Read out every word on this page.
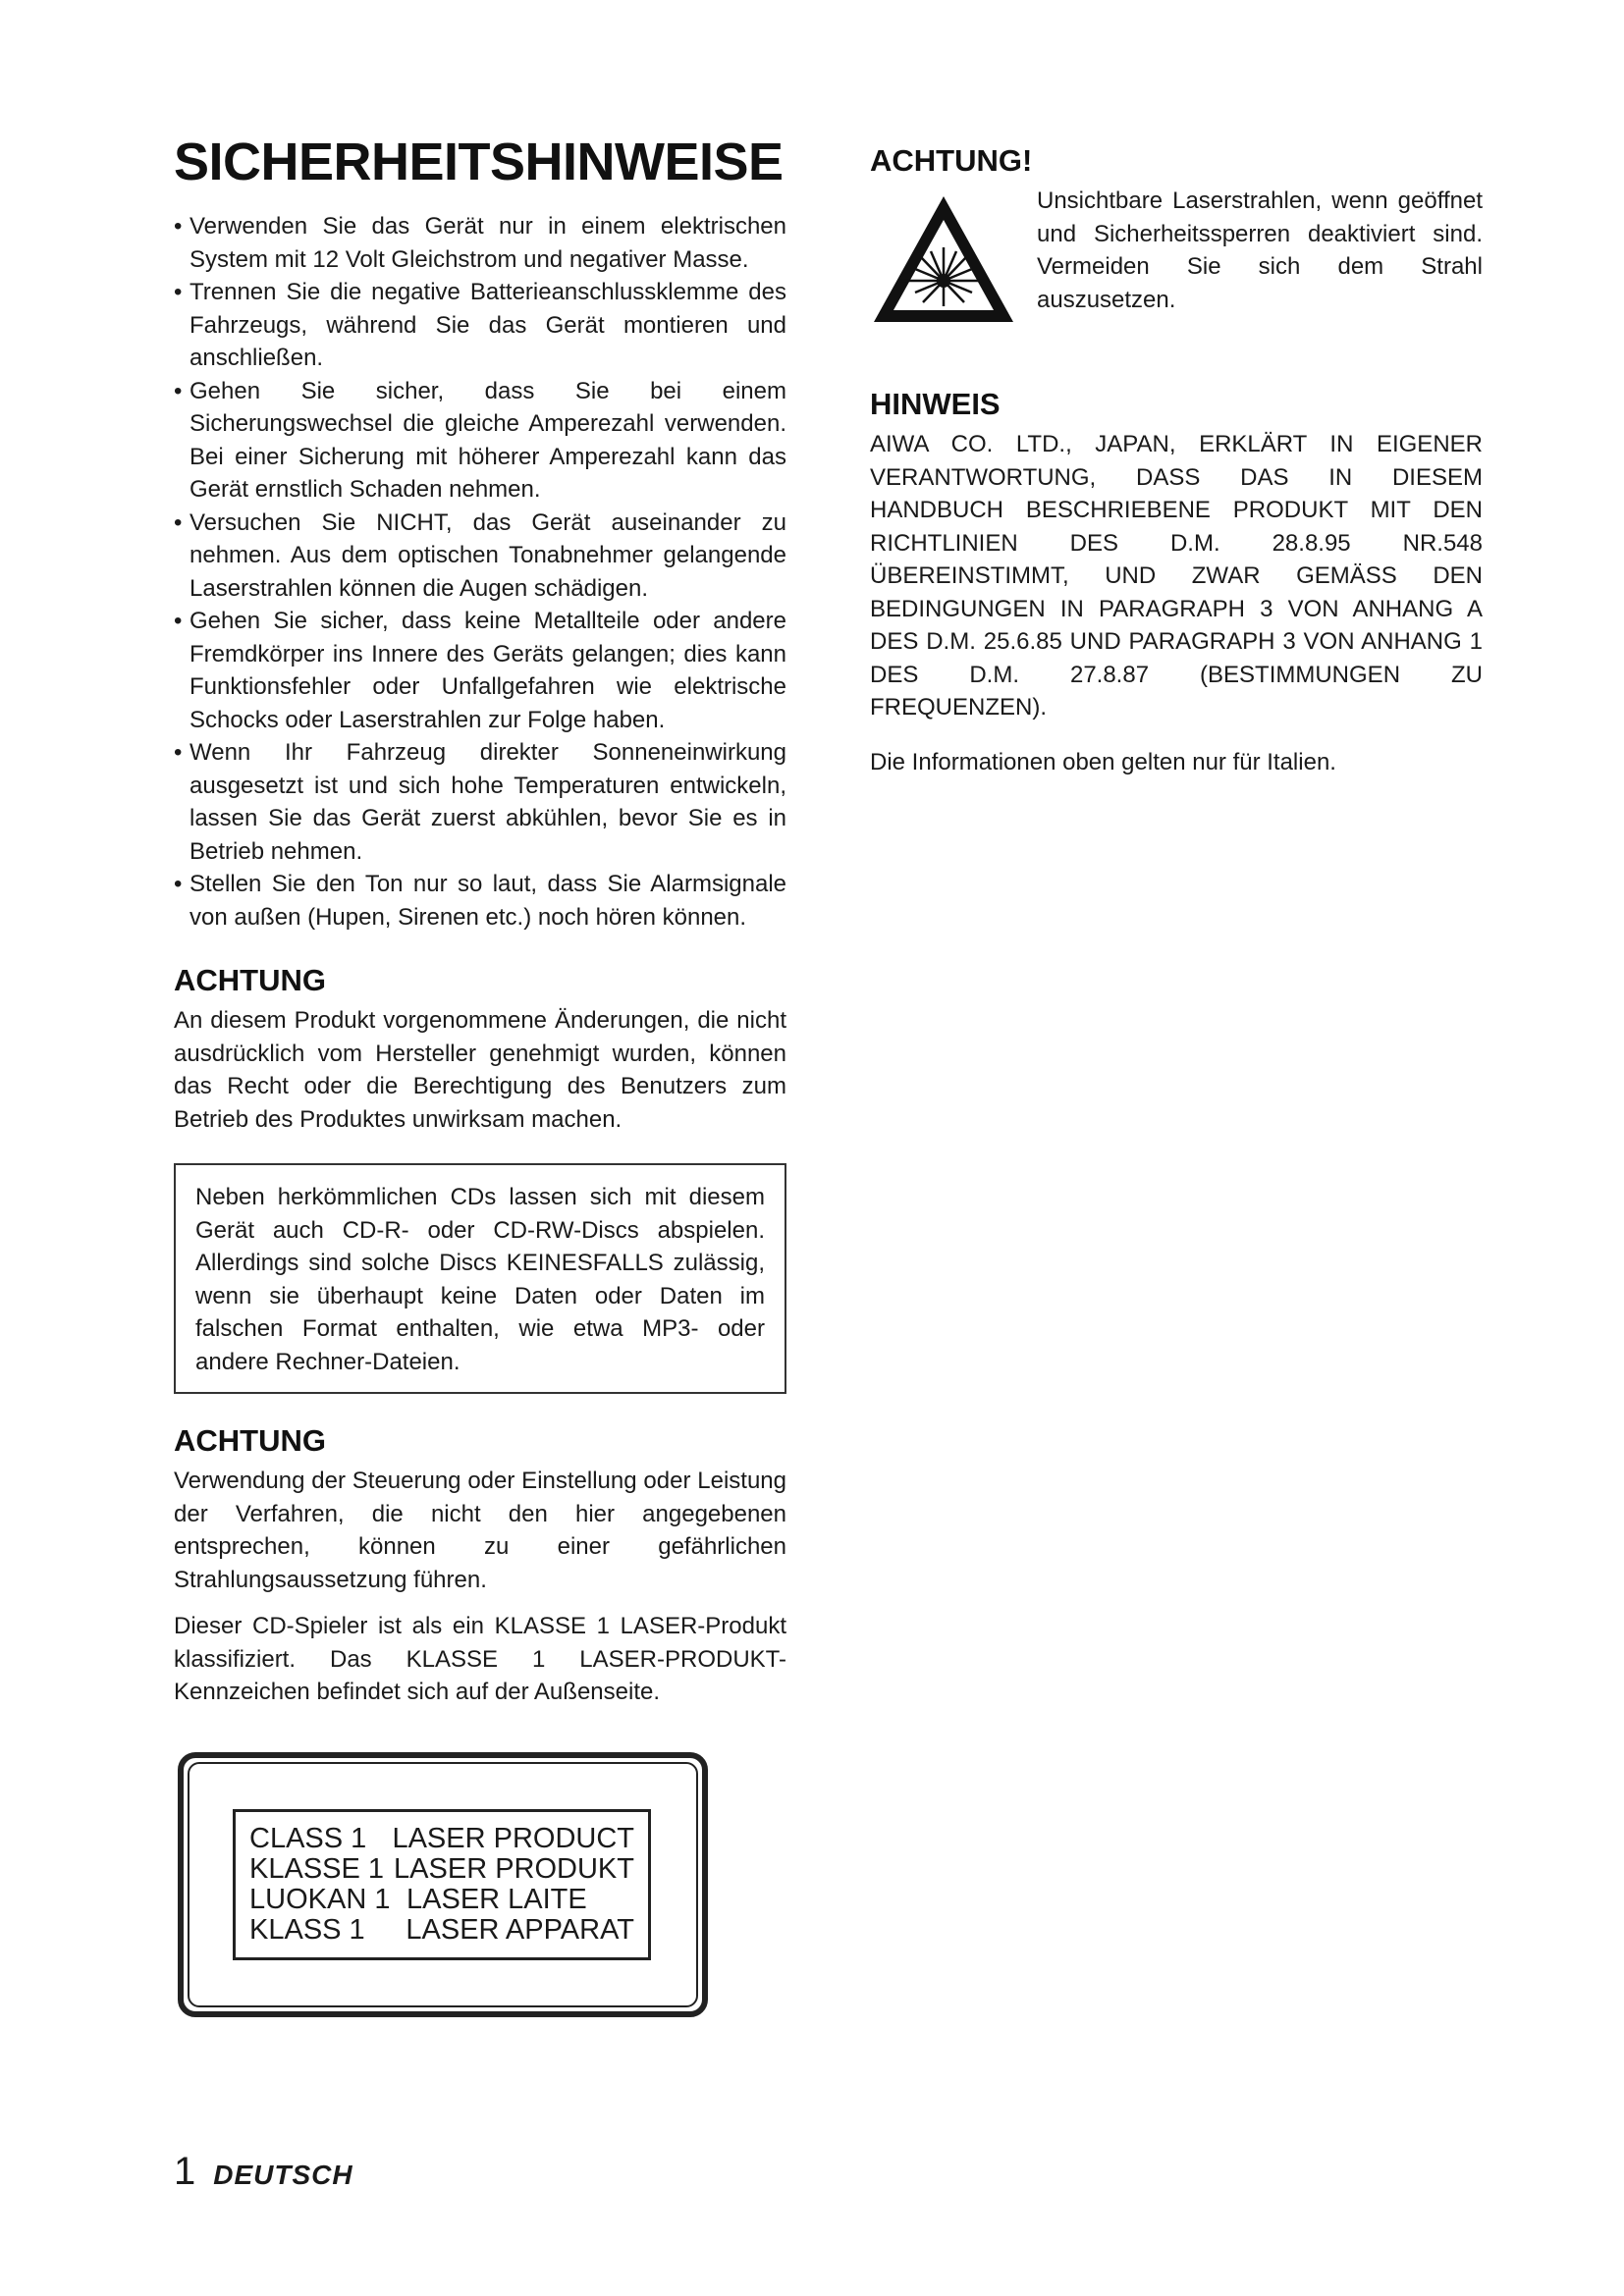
SICHERHEITSHINWEISE
• Verwenden Sie das Gerät nur in einem elektrischen System mit 12 Volt Gleichstrom und negativer Masse.
• Trennen Sie die negative Batterieanschlussklemme des Fahrzeugs, während Sie das Gerät montieren und anschließen.
• Gehen Sie sicher, dass Sie bei einem Sicherungswechsel die gleiche Amperezahl verwenden. Bei einer Sicherung mit höherer Amperezahl kann das Gerät ernstlich Schaden nehmen.
• Versuchen Sie NICHT, das Gerät auseinander zu nehmen. Aus dem optischen Tonabnehmer gelangende Laserstrahlen können die Augen schädigen.
• Gehen Sie sicher, dass keine Metallteile oder andere Fremdkörper ins Innere des Geräts gelangen; dies kann Funktionsfehler oder Unfallgefahren wie elektrische Schocks oder Laserstrahlen zur Folge haben.
• Wenn Ihr Fahrzeug direkter Sonneneinwirkung ausgesetzt ist und sich hohe Temperaturen entwickeln, lassen Sie das Gerät zuerst abkühlen, bevor Sie es in Betrieb nehmen.
• Stellen Sie den Ton nur so laut, dass Sie Alarmsignale von außen (Hupen, Sirenen etc.) noch hören können.
ACHTUNG

An diesem Produkt vorgenommene Änderungen, die nicht ausdrücklich vom Hersteller genehmigt wurden, können das Recht oder die Berechtigung des Benutzers zum Betrieb des Produktes unwirksam machen.

Neben herkömmlichen CDs lassen sich mit diesem Gerät auch CD-R- oder CD-RW-Discs abspielen. Allerdings sind solche Discs KEINESFALLS zulässig, wenn sie überhaupt keine Daten oder Daten im falschen Format enthalten, wie etwa MP3- oder andere Rechner-Dateien.

ACHTUNG

Verwendung der Steuerung oder Einstellung oder Leistung der Verfahren, die nicht den hier angegebenen entsprechen, können zu einer gefährlichen Strahlungsaussetzung führen.

Dieser CD-Spieler ist als ein KLASSE 1 LASER-Produkt klassifiziert. Das KLASSE 1 LASER-PRODUKT-Kennzeichen befindet sich auf der Außenseite.

CLASS 1 LASER PRODUCT
KLASSE 1 LASER PRODUKT
LUOKAN 1 LASER LAITE
KLASS 1	LASER APPARAT
ACHTUNG!

Unsichtbare Laserstrahlen, wenn geöffnet und Sicherheitssperren deaktiviert sind. Vermeiden Sie sich dem Strahl auszusetzen.

HINWEIS

AIWA CO. LTD., JAPAN, ERKLÄRT IN EIGENER VERANTWORTUNG, DASS DAS IN DIESEM HANDBUCH BESCHRIEBENE PRODUKT MIT DEN RICHTLINIEN DES D.M. 28.8.95 NR.548 ÜBEREINSTIMMT, UND ZWAR GEMÄSS DEN BEDINGUNGEN IN PARAGRAPH 3 VON ANHANG A DES D.M. 25.6.85 UND PARAGRAPH 3 VON ANHANG 1 DES D.M. 27.8.87 (BESTIMMUNGEN ZU FREQUENZEN).

Die Informationen oben gelten nur für Italien.

1 DEUTSCH
